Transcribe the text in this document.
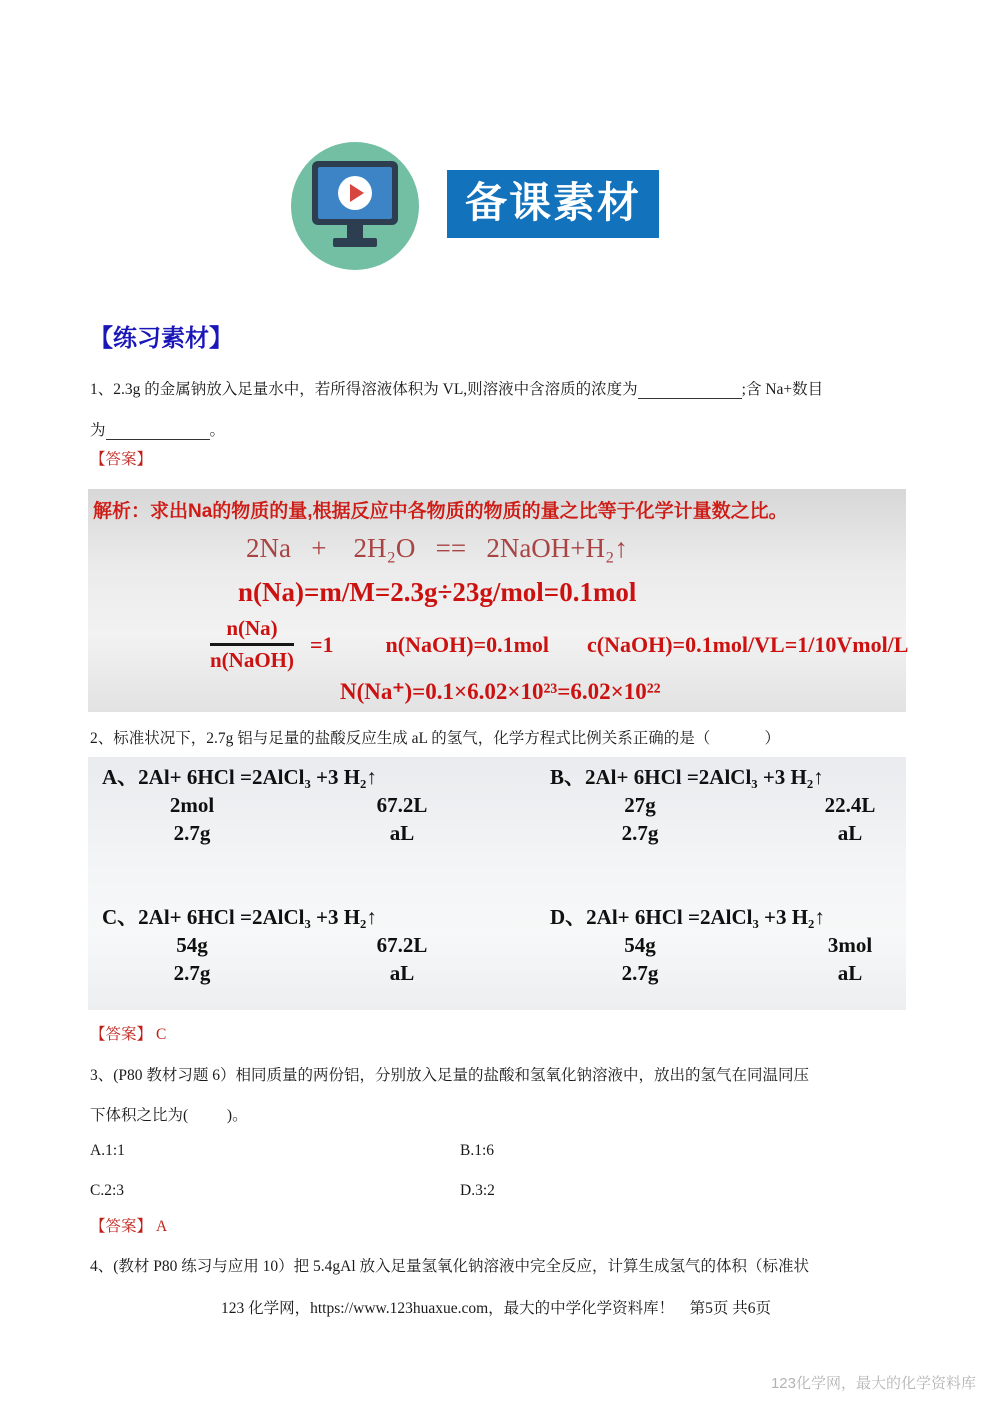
备课素材
【练习素材】
1、2.3g 的金属钠放入足量水中，若所得溶液体积为 VL,则溶液中含溶质的浓度为	;含 Na+数目
为	。
【答案】
解析：求出Na的物质的量,根据反应中各物质的物质的量之比等于化学计量数之比。
2Na   +    2H₂O   ==   2NaOH+H₂↑
n(Na)=m/M=2.3g÷23g/mol=0.1mol
$\frac{n(Na)}{\text{n(NaOH)}} =1$ n(NaOH)=0.1mol c(NaOH)=0.1mol/VL=1/10Vmol/L
N(Na⁺)=0.1×6.02×10²³=6.02×10²²
2、标准状况下，2.7g 铝与足量的盐酸反应生成 aL 的氢气，化学方程式比例关系正确的是（              ）
A、2Al+ 6HCl =2AlCl₃ +3 H₂↑
2mol	67.2L
2.7g	aL
B、2Al+ 6HCl =2AlCl₃ +3 H₂↑
27g	22.4L
2.7g	aL
C、2Al+ 6HCl =2AlCl₃ +3 H₂↑
54g	67.2L
2.7g	aL
D、2Al+ 6HCl =2AlCl₃ +3 H₂↑
54g	3mol
2.7g	aL
【答案】 C
3、(P80 教材习题 6）相同质量的两份铝，分别放入足量的盐酸和氢氧化钠溶液中，放出的氢气在同温同压
下体积之比为(          )。
A.1:1	B.1:6
C.2:3	D.3:2
【答案】 A
4、(教材 P80 练习与应用 10）把 5.4gAl 放入足量氢氧化钠溶液中完全反应，计算生成氢气的体积（标准状
123 化学网，https://www.123huaxue.com，最大的中学化学资料库！    第5页 共6页
123化学网，最大的化学资料库
